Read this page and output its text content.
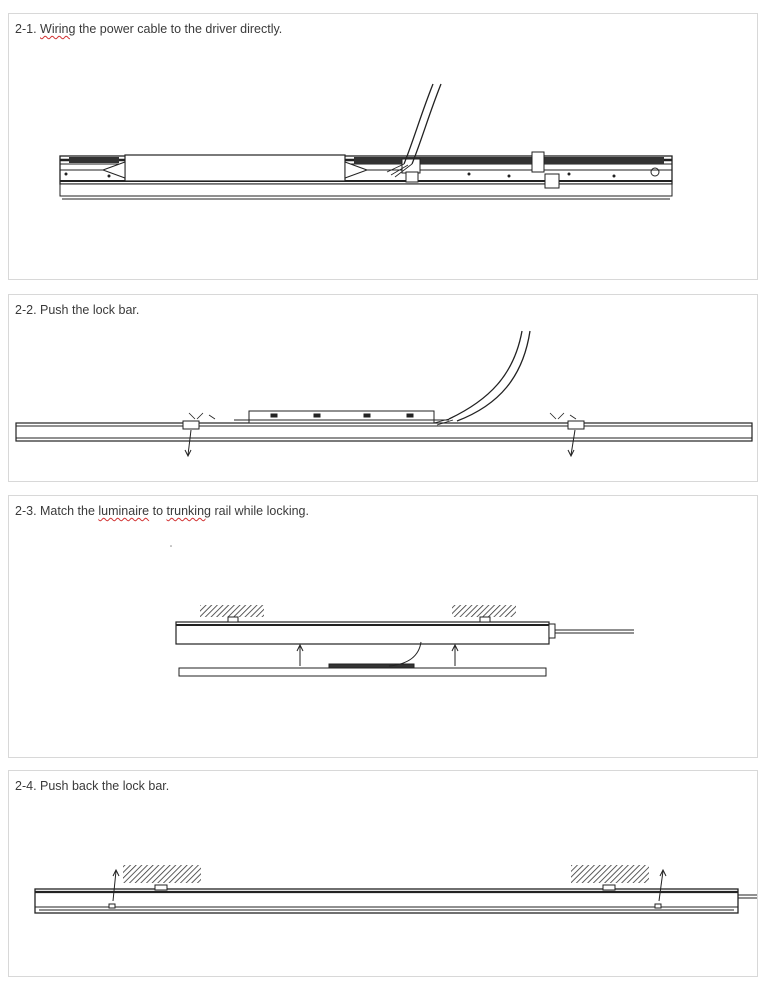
2-1. Wiring the power cable to the driver directly.
2-2. Push the lock bar.
2-3. Match the luminaire to trunking rail while locking.
2-4. Push back the lock bar.
